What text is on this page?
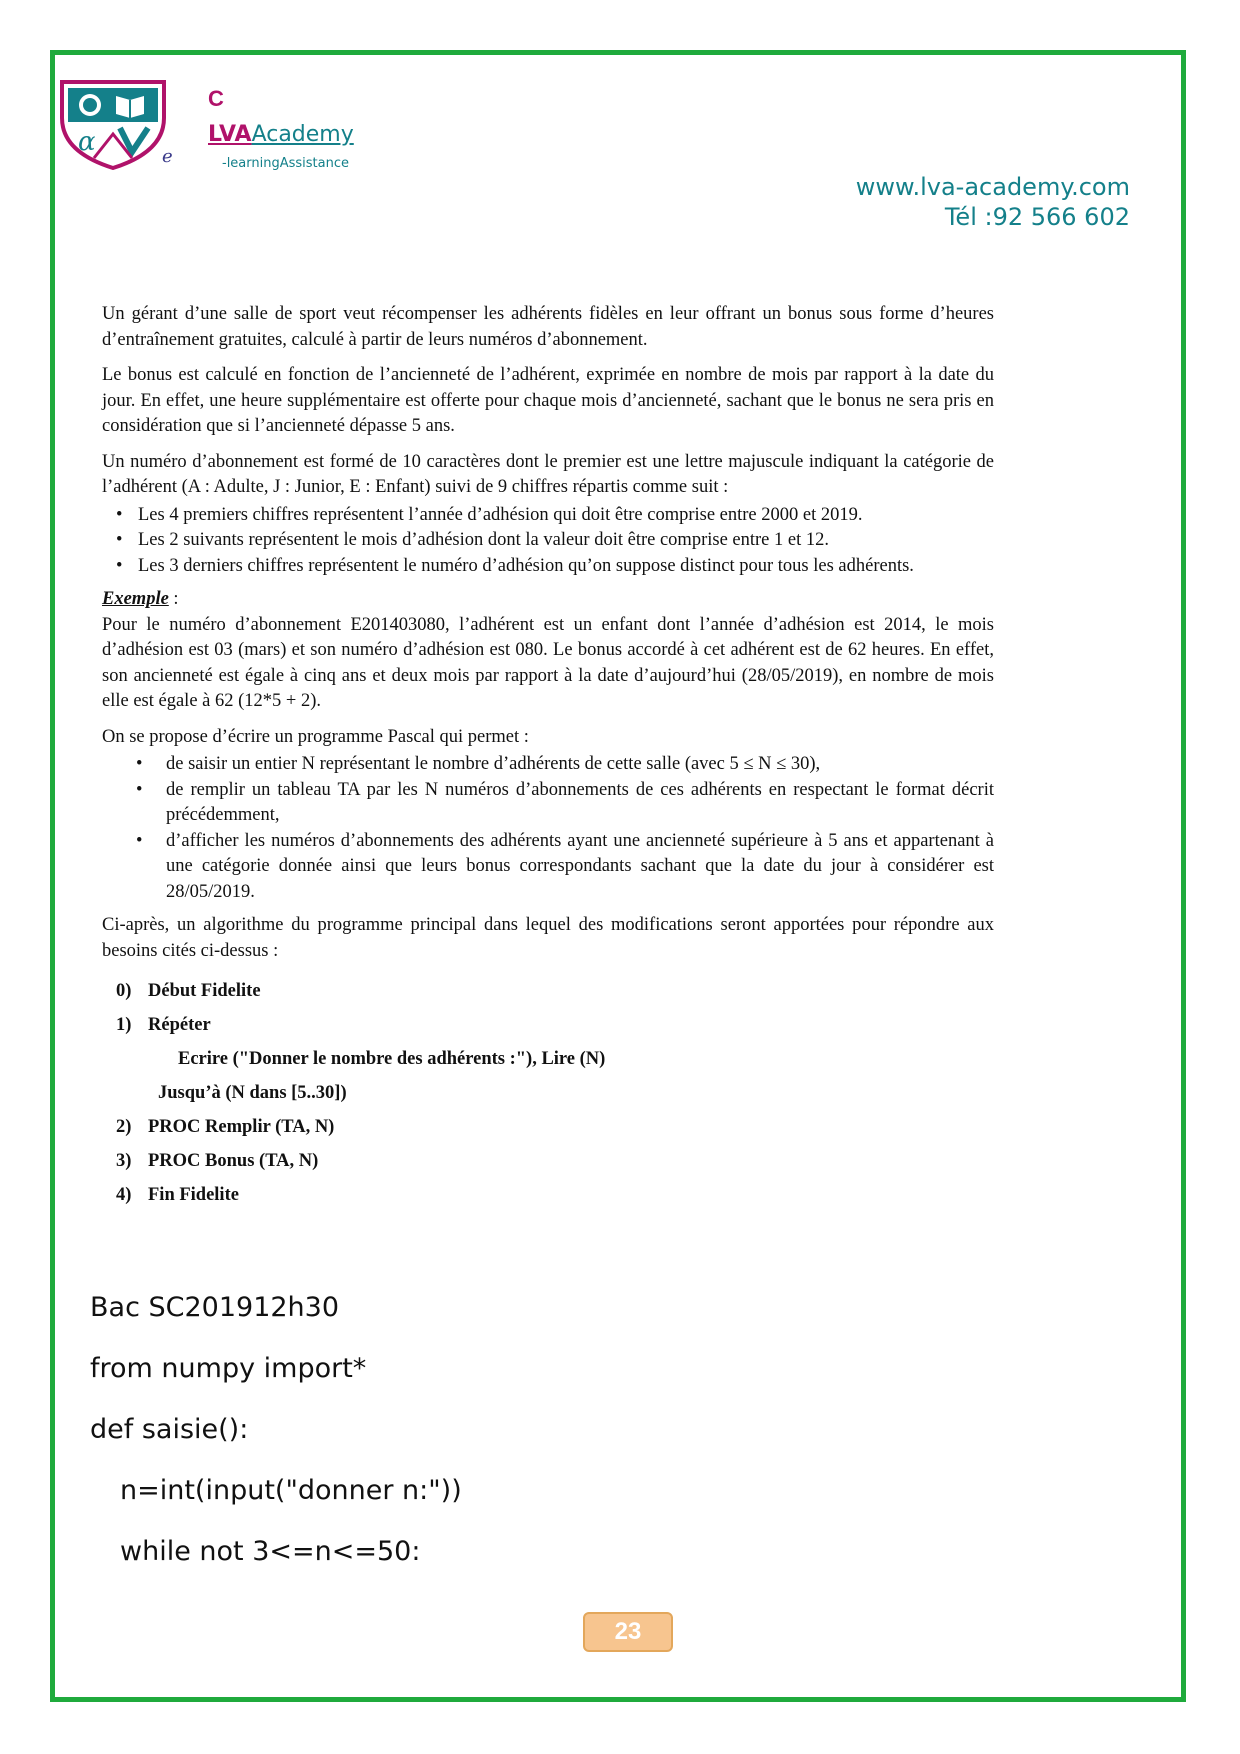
α	e
C
LVAAcademy
-learningAssistance
www.lva-academy.com
Tél :92 566 602

Un gérant d’une salle de sport veut récompenser les adhérents fidèles en leur offrant un bonus sous forme d’heures d’entraînement gratuites, calculé à partir de leurs numéros d’abonnement.

Le bonus est calculé en fonction de l’ancienneté de l’adhérent, exprimée en nombre de mois par rapport à la date du jour. En effet, une heure supplémentaire est offerte pour chaque mois d’ancienneté, sachant que le bonus ne sera pris en considération que si l’ancienneté dépasse 5 ans.

Un numéro d’abonnement est formé de 10 caractères dont le premier est une lettre majuscule indiquant la catégorie de l’adhérent (A : Adulte, J : Junior, E : Enfant) suivi de 9 chiffres répartis comme suit :

• Les 4 premiers chiffres représentent l’année d’adhésion qui doit être comprise entre 2000 et 2019.
• Les 2 suivants représentent le mois d’adhésion dont la valeur doit être comprise entre 1 et 12.
• Les 3 derniers chiffres représentent le numéro d’adhésion qu’on suppose distinct pour tous les adhérents.
Exemple :

Pour le numéro d’abonnement E201403080, l’adhérent est un enfant dont l’année d’adhésion est 2014, le mois d’adhésion est 03 (mars) et son numéro d’adhésion est 080. Le bonus accordé à cet adhérent est de 62 heures. En effet, son ancienneté est égale à cinq ans et deux mois par rapport à la date d’aujourd’hui (28/05/2019), en nombre de mois elle est égale à 62 (12*5 + 2).

On se propose d’écrire un programme Pascal qui permet :

• de saisir un entier N représentant le nombre d’adhérents de cette salle (avec 5 ≤ N ≤ 30),
• de remplir un tableau TA par les N numéros d’abonnements de ces adhérents en respectant le format décrit précédemment,
• d’afficher les numéros d’abonnements des adhérents ayant une ancienneté supérieure à 5 ans et appartenant à une catégorie donnée ainsi que leurs bonus correspondants sachant que la date du jour à considérer est 28/05/2019.

Ci-après, un algorithme du programme principal dans lequel des modifications seront apportées pour répondre aux besoins cités ci-dessus :

0) Début Fidelite
1) Répéter
Ecrire ("Donner le nombre des adhérents :"), Lire (N)
Jusqu’à (N dans [5..30])
2) PROC Remplir (TA, N)
3) PROC Bonus (TA, N)
4) Fin Fidelite
Bac SC201912h30
from numpy import*
def saisie():
n=int(input("donner n:"))
while not 3<=n<=50:
23
